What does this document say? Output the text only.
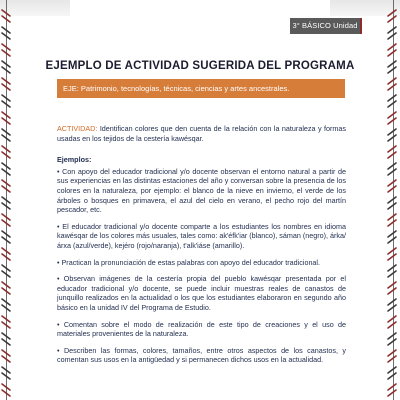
3° BÁSICO Unidad 1
EJEMPLO DE ACTIVIDAD SUGERIDA DEL PROGRAMA
EJE: Patrimonio, tecnologías, técnicas, ciencias y artes ancestrales.

ACTIVIDAD: Identifican colores que den cuenta de la relación con la naturaleza y formas usadas en los tejidos de la cestería kawésqar.

Ejemplos:

• Con apoyo del educador tradicional y/o docente observan el entorno natural a partir de sus experiencias en las distintas estaciones del año y conversan sobre la presencia de los colores en la naturaleza, por ejemplo: el blanco de la nieve en invierno, el verde de los árboles o bosques en primavera, el azul del cielo en verano, el pecho rojo del martín pescador, etc.

• El educador tradicional y/o docente comparte a los estudiantes los nombres en idioma kawésqar de los colores más usuales, tales como: ak'éfk'iar (blanco), sáman (negro), árka/árxa (azul/verde), kejéro (rojo/naranja), t'alk'iáse (amarillo).

• Practican la pronunciación de estas palabras con apoyo del educador tradicional.

• Observan imágenes de la cestería propia del pueblo kawésqar presentada por el educador tradicional y/o docente, se puede incluir muestras reales de canastos de junquillo realizados en la actualidad o los que los estudiantes elaboraron en segundo año básico en la unidad IV del Programa de Estudio.

• Comentan sobre el modo de realización de este tipo de creaciones y el uso de materiales provenientes de la naturaleza.

• Describen las formas, colores, tamaños, entre otros aspectos de los canastos, y comentan sus usos en la antigüedad y si permanecen dichos usos en la actualidad.
